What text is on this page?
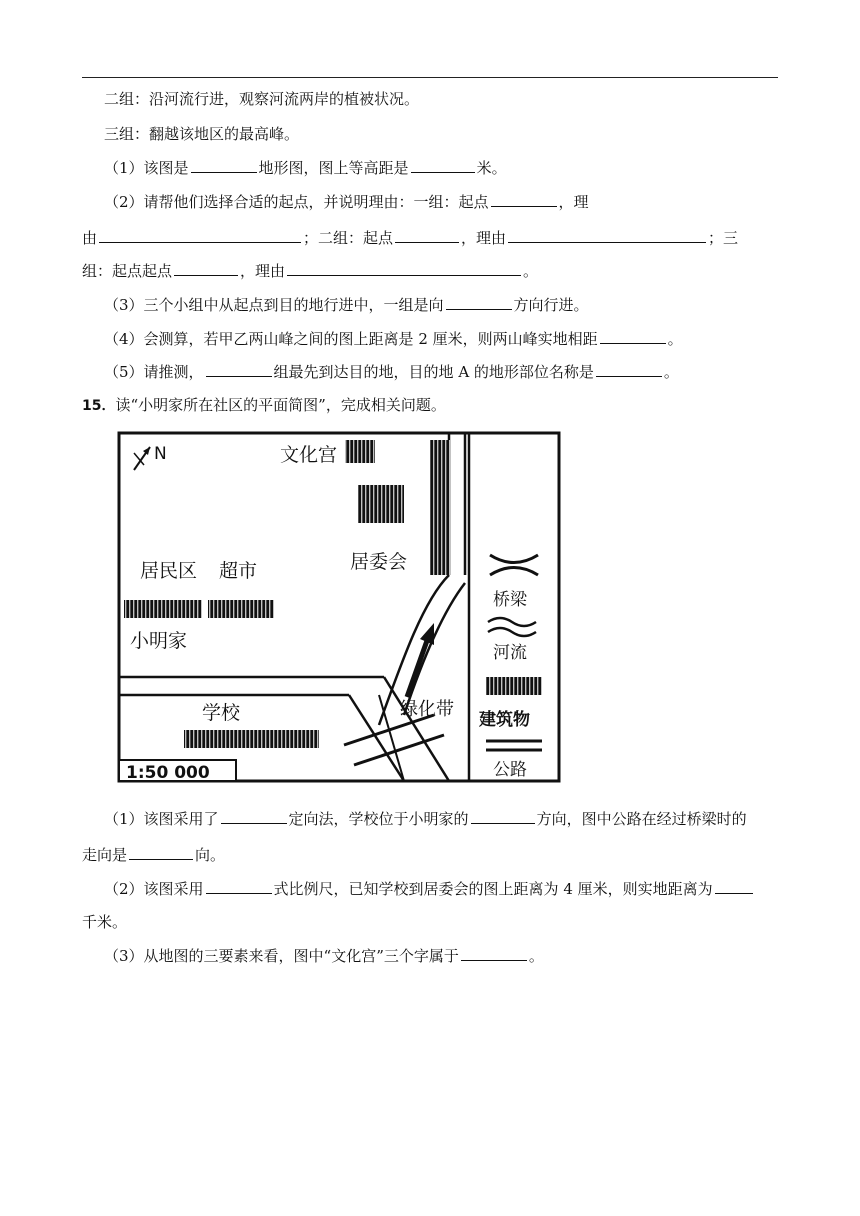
二组：沿河流行进，观察河流两岸的植被状况。
三组：翻越该地区的最高峰。
（1）该图是	地形图，图上等高距是	米。
（2）请帮他们选择合适的起点，并说明理由：一组：起点	，理
由	；二组：起点	，理由	；三
组：起点起点	，理由	。
（3）三个小组中从起点到目的地行进中，一组是向	方向行进。
（4）会测算，若甲乙两山峰之间的图上距离是 2 厘米，则两山峰实地相距	。
（5）请推测，	组最先到达目的地，目的地 A 的地形部位名称是	。
15．读“小明家所在社区的平面简图”，完成相关问题。
N	文化宫
居委会
居民区 超市
小明家
绿化带
学校
1:50 000
桥梁
河流
建筑物
公路
（1）该图采用了	定向法，学校位于小明家的	方向，图中公路在经过桥梁时的
走向是	向。
（2）该图采用	式比例尺，已知学校到居委会的图上距离为 4 厘米，则实地距离为
千米。
（3）从地图的三要素来看，图中“文化宫”三个字属于	。
